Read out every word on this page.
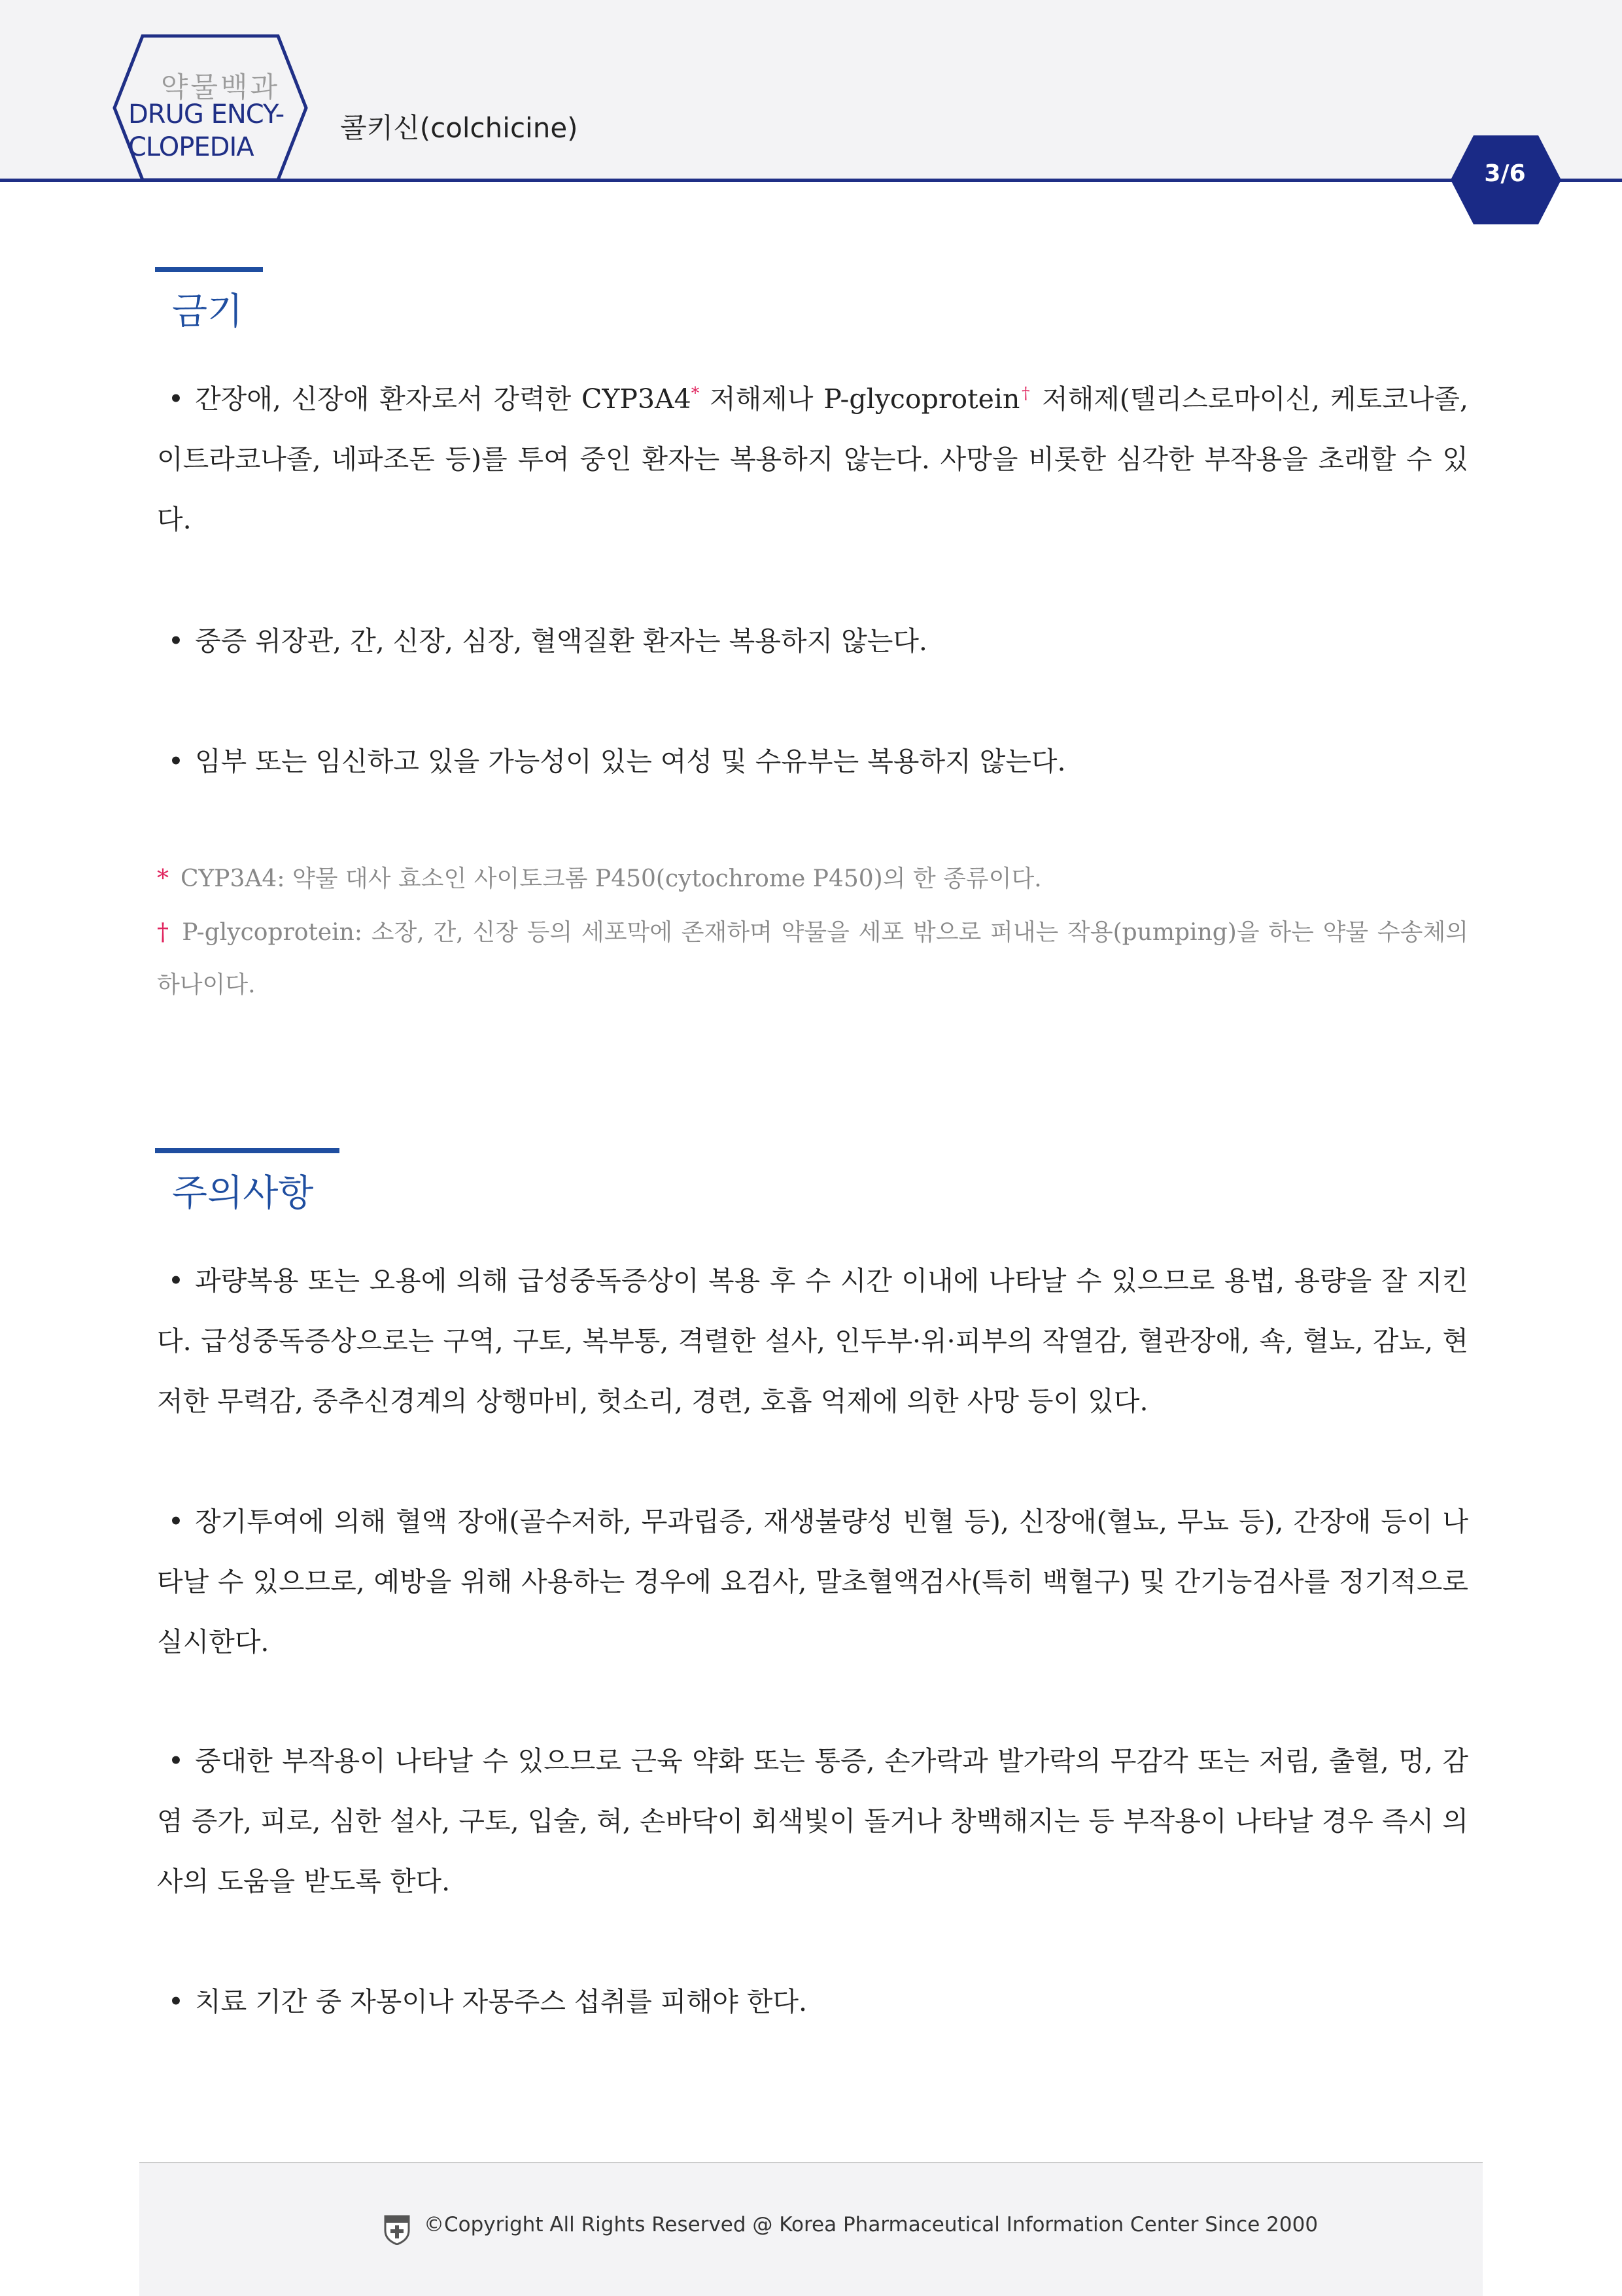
약물백과
DRUG ENCY-
CLOPEDIA
콜키신(colchicine)
3/6
금기
• 간장애, 신장애 환자로서 강력한 CYP3A4* 저해제나 P-glycoprotein† 저해제(텔리스로마이신, 케토코나졸, 이트라코나졸, 네파조돈 등)를 투여 중인 환자는 복용하지 않는다. 사망을 비롯한 심각한 부작용을 초래할 수 있다.
• 중증 위장관, 간, 신장, 심장, 혈액질환 환자는 복용하지 않는다.
• 임부 또는 임신하고 있을 가능성이 있는 여성 및 수유부는 복용하지 않는다.
* CYP3A4: 약물 대사 효소인 사이토크롬 P450(cytochrome P450)의 한 종류이다.
† P-glycoprotein: 소장, 간, 신장 등의 세포막에 존재하며 약물을 세포 밖으로 퍼내는 작용(pumping)을 하는 약물 수송체의 하나이다.
주의사항
• 과량복용 또는 오용에 의해 급성중독증상이 복용 후 수 시간 이내에 나타날 수 있으므로 용법, 용량을 잘 지킨다. 급성중독증상으로는 구역, 구토, 복부통, 격렬한 설사, 인두부·위·피부의 작열감, 혈관장애, 쇽, 혈뇨, 감뇨, 현저한 무력감, 중추신경계의 상행마비, 헛소리, 경련, 호흡 억제에 의한 사망 등이 있다.
• 장기투여에 의해 혈액 장애(골수저하, 무과립증, 재생불량성 빈혈 등), 신장애(혈뇨, 무뇨 등), 간장애 등이 나타날 수 있으므로, 예방을 위해 사용하는 경우에 요검사, 말초혈액검사(특히 백혈구) 및 간기능검사를 정기적으로 실시한다.
• 중대한 부작용이 나타날 수 있으므로 근육 약화 또는 통증, 손가락과 발가락의 무감각 또는 저림, 출혈, 멍, 감염 증가, 피로, 심한 설사, 구토, 입술, 혀, 손바닥이 회색빛이 돌거나 창백해지는 등 부작용이 나타날 경우 즉시 의사의 도움을 받도록 한다.
• 치료 기간 중 자몽이나 자몽주스 섭취를 피해야 한다.
©Copyright All Rights Reserved @ Korea Pharmaceutical Information Center Since 2000
